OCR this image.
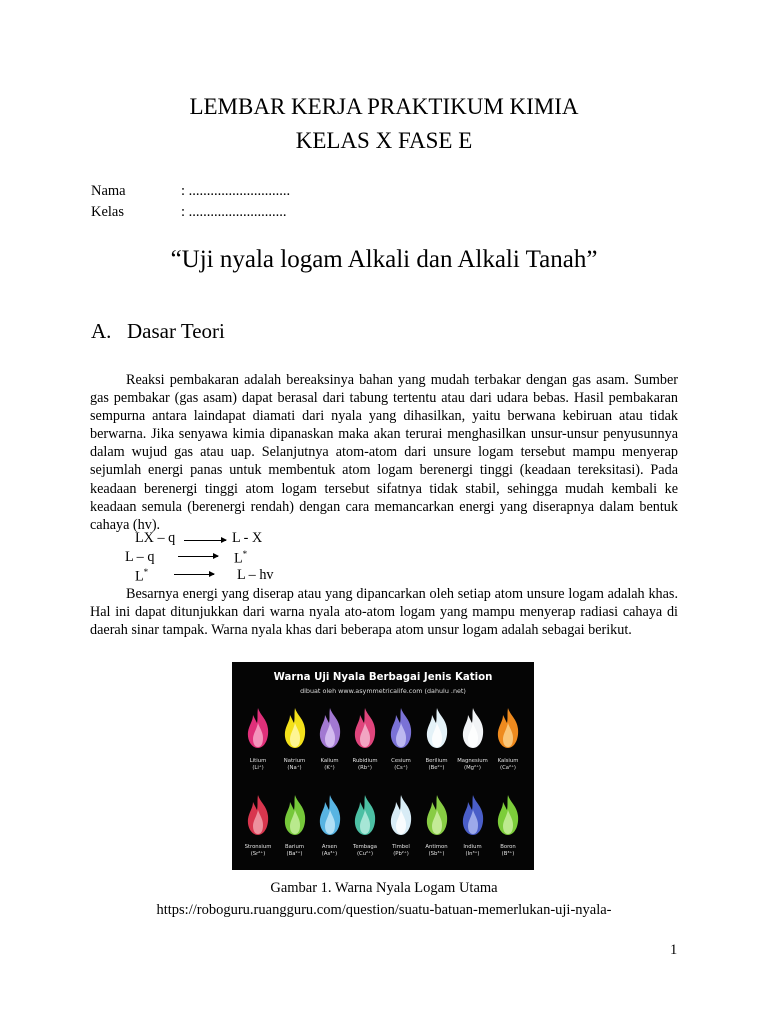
LEMBAR KERJA PRAKTIKUM KIMIA
KELAS X FASE E
Nama	: ............................
Kelas	: ...........................
“Uji nyala logam Alkali dan Alkali Tanah”
A. Dasar Teori

Reaksi pembakaran adalah bereaksinya bahan yang mudah terbakar dengan gas asam. Sumber gas pembakar (gas asam) dapat berasal dari tabung tertentu atau dari udara bebas. Hasil pembakaran sempurna antara laindapat diamati dari nyala yang dihasilkan, yaitu berwana kebiruan atau tidak berwarna. Jika senyawa kimia dipanaskan maka akan terurai menghasilkan unsur-unsur penyusunnya dalam wujud gas atau uap. Selanjutnya atom-atom dari unsure logam tersebut mampu menyerap sejumlah energi panas untuk membentuk atom logam berenergi tinggi (keadaan tereksitasi). Pada keadaan berenergi tinggi atom logam tersebut sifatnya tidak stabil, sehingga mudah kembali ke keadaan semula (berenergi rendah) dengan cara memancarkan energi yang diserapnya dalam bentuk cahaya (hv).

LX – q → L - X
L – q → L*
L* → L – hv

Besarnya energi yang diserap atau yang dipancarkan oleh setiap atom unsure logam adalah khas. Hal ini dapat ditunjukkan dari warna nyala ato-atom logam yang mampu menyerap radiasi cahaya di daerah sinar tampak. Warna nyala khas dari beberapa atom unsur logam adalah sebagai berikut.

Warna Uji Nyala Berbagai Jenis Kation
dibuat oleh www.asymmetricalife.com (dahulu .net)
Litium
(Li⁺)
Natrium
(Na⁺)
Kalium
(K⁺)
Rubidium
(Rb⁺)
Cesium
(Cs⁺)
Berilium
(Be²⁺)
Magnesium
(Mg²⁺)
Kalsium
(Ca²⁺)
Stronsium
(Sr²⁺)
Barium
(Ba²⁺)
Arsen
(As³⁺)
Tembaga
(Cu²⁺)
Timbel
(Pb²⁺)
Antimon
(Sb³⁺)
Indium
(In³⁺)
Boron
(B³⁺)
Gambar 1. Warna Nyala Logam Utama
https://roboguru.ruangguru.com/question/suatu-batuan-memerlukan-uji-nyala-
1
